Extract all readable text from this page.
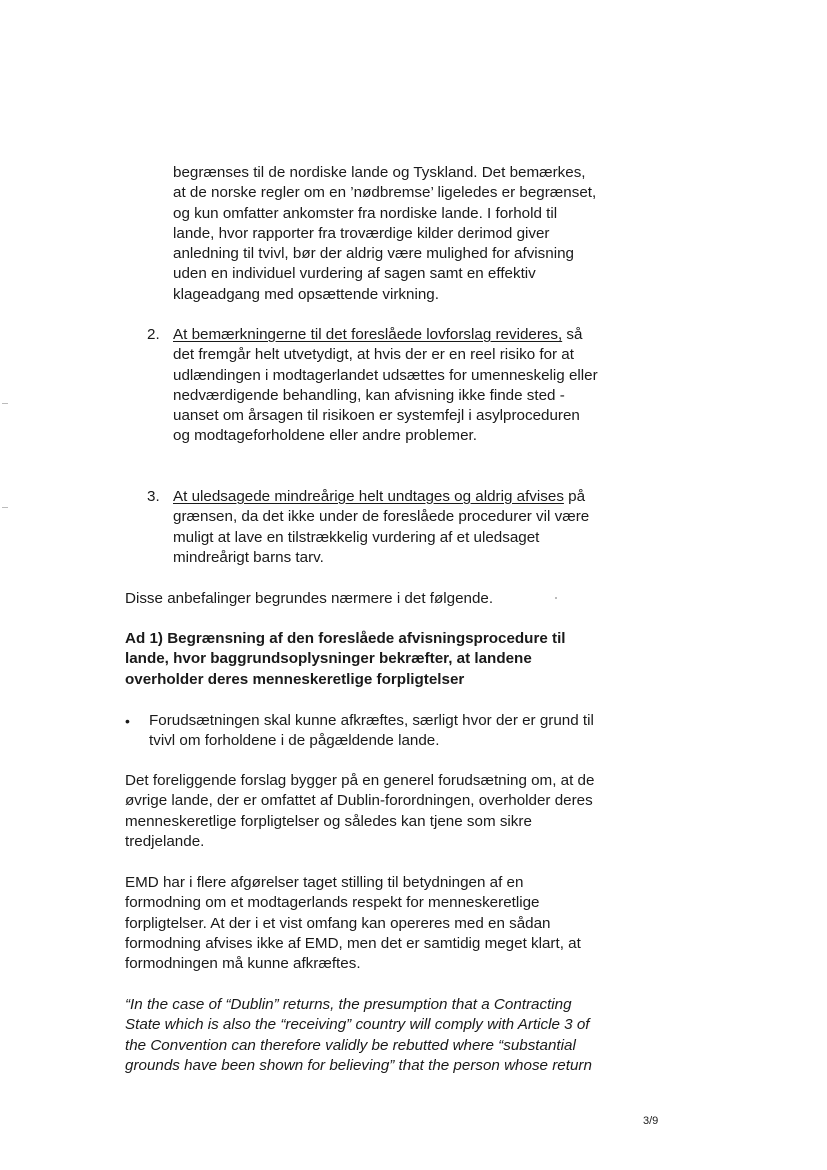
begrænses til de nordiske lande og Tyskland. Det bemærkes,
at de norske regler om en ’nødbremse’ ligeledes er begrænset,
og kun omfatter ankomster fra nordiske lande. I forhold til
lande, hvor rapporter fra troværdige kilder derimod giver
anledning til tvivl, bør der aldrig være mulighed for afvisning
uden en individuel vurdering af sagen samt en effektiv
klageadgang med opsættende virkning.
2. At bemærkningerne til det foreslåede lovforslag revideres, så
det fremgår helt utvetydigt, at hvis der er en reel risiko for at
udlændingen i modtagerlandet udsættes for umenneskelig eller
nedværdigende behandling, kan afvisning ikke finde sted -
uanset om årsagen til risikoen er systemfejl i asylproceduren
og modtageforholdene eller andre problemer.
3. At uledsagede mindreårige helt undtages og aldrig afvises på
grænsen, da det ikke under de foreslåede procedurer vil være
muligt at lave en tilstrækkelig vurdering af et uledsaget
mindreårigt barns tarv.
Disse anbefalinger begrundes nærmere i det følgende.
Ad 1) Begrænsning af den foreslåede afvisningsprocedure til
lande, hvor baggrundsoplysninger bekræfter, at landene
overholder deres menneskeretlige forpligtelser
• Forudsætningen skal kunne afkræftes, særligt hvor der er grund til
tvivl om forholdene i de pågældende lande.
Det foreliggende forslag bygger på en generel forudsætning om, at de
øvrige lande, der er omfattet af Dublin-forordningen, overholder deres
menneskeretlige forpligtelser og således kan tjene som sikre
tredjelande.
EMD har i flere afgørelser taget stilling til betydningen af en
formodning om et modtagerlands respekt for menneskeretlige
forpligtelser. At der i et vist omfang kan opereres med en sådan
formodning afvises ikke af EMD, men det er samtidig meget klart, at
formodningen må kunne afkræftes.
“In the case of “Dublin” returns, the presumption that a Contracting
State which is also the “receiving” country will comply with Article 3 of
the Convention can therefore validly be rebutted where “substantial
grounds have been shown for believing” that the person whose return
3/9
